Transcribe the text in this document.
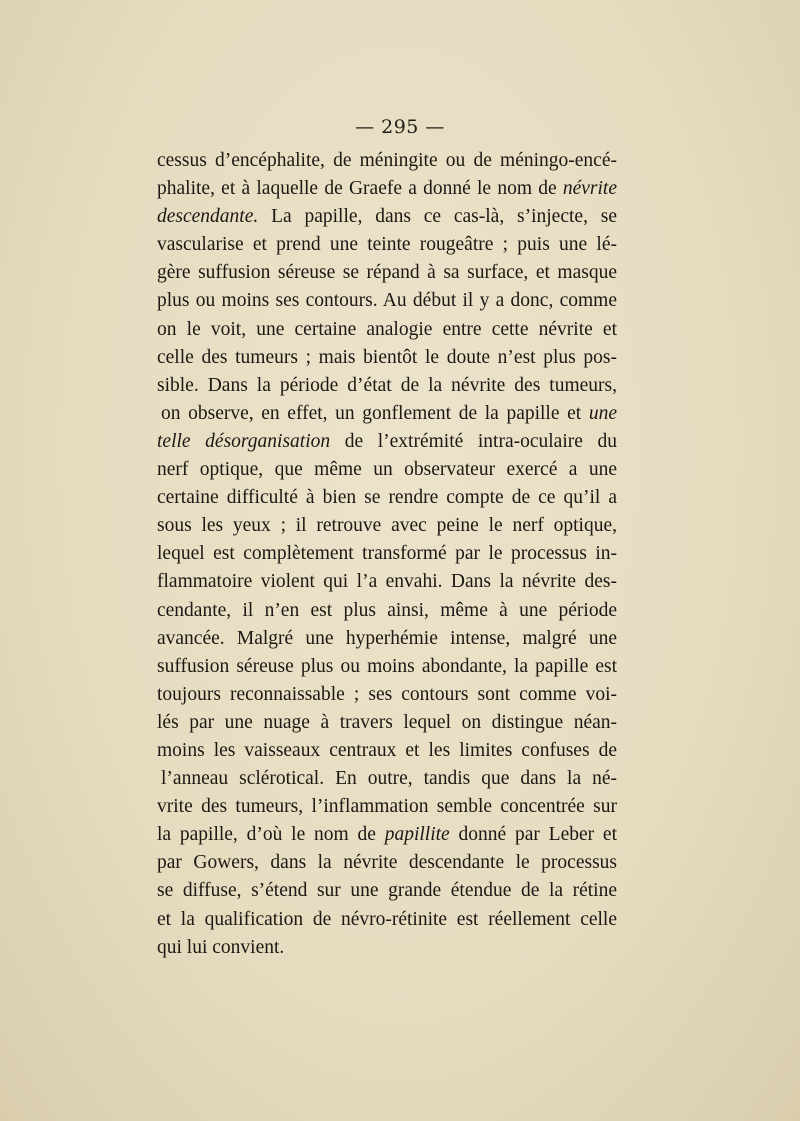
— 295 —
cessus d’encéphalite, de méningite ou de méningo-encé-
phalite, et à laquelle de Graefe a donné le nom de névrite
descendante. La papille, dans ce cas-là, s’injecte, se
vascularise et prend une teinte rougeâtre ; puis une lé-
gère suffusion séreuse se répand à sa surface, et masque
plus ou moins ses contours. Au début il y a donc, comme
on le voit, une certaine analogie entre cette névrite et
celle des tumeurs ; mais bientôt le doute n’est plus pos-
sible. Dans la période d’état de la névrite des tumeurs,
on observe, en effet, un gonflement de la papille et une
telle désorganisation de l’extrémité intra-oculaire du
nerf optique, que même un observateur exercé a une
certaine difficulté à bien se rendre compte de ce qu’il a
sous les yeux ; il retrouve avec peine le nerf optique,
lequel est complètement transformé par le processus in-
flammatoire violent qui l’a envahi. Dans la névrite des-
cendante, il n’en est plus ainsi, même à une période
avancée. Malgré une hyperhémie intense, malgré une
suffusion séreuse plus ou moins abondante, la papille est
toujours reconnaissable ; ses contours sont comme voi-
lés par une nuage à travers lequel on distingue néan-
moins les vaisseaux centraux et les limites confuses de
l’anneau sclérotical. En outre, tandis que dans la né-
vrite des tumeurs, l’inflammation semble concentrée sur
la papille, d’où le nom de papillite donné par Leber et
par Gowers, dans la névrite descendante le processus
se diffuse, s’étend sur une grande étendue de la rétine
et la qualification de névro-rétinite est réellement celle
qui lui convient.
